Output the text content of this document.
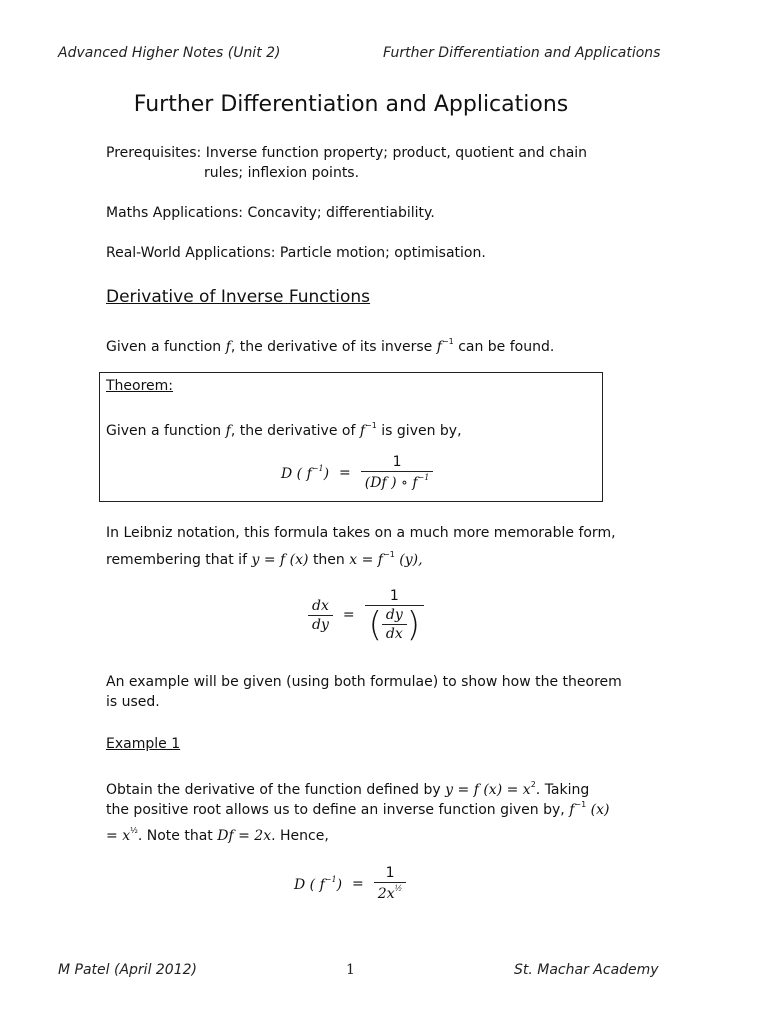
Advanced Higher Notes (Unit 2)	Further Differentiation and Applications
Further Differentiation and Applications
Prerequisites: Inverse function property; product, quotient and chain
rules; inflexion points.
Maths Applications: Concavity; differentiability.
Real-World Applications: Particle motion; optimisation.
Derivative of Inverse Functions
Given a function f, the derivative of its inverse $f^{-1}$ can be found.
Theorem:
Given a function f, the derivative of $f^{-1}$ is given by,
D ( $f^{-1}) = \frac{1}{(Df ) \circ f^{-1}}$
In Leibniz notation, this formula takes on a much more memorable form,
remembering that if y = f (x) then $x = f^{-1}$ (y),
$\frac{dx}{dy} = \frac{1}{( \frac{dy}{dx} )}$
An example will be given (using both formulae) to show how the theorem
is used.
Example 1
Obtain the derivative of the function defined by y = f $(x) = x^2$. Taking
the positive root allows us to define an inverse function given by, $f^{-1}$ (x)
= $x^{\frac{1}{2}}$. Note that Df = 2x. Hence,
D ( $f^{-1}) = \frac{1}{2x^{\frac{1}{2}}}$
M Patel (April 2012)	1	St. Machar Academy
